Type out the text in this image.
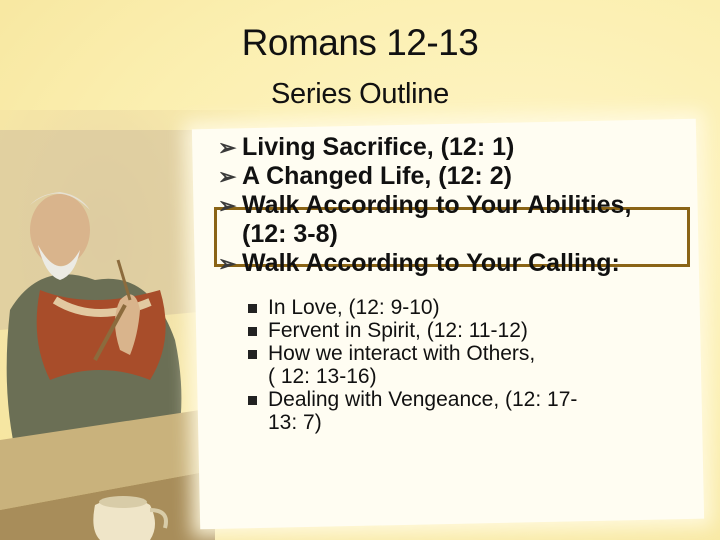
Romans 12-13
Series Outline
➢ Living Sacrifice, (12: 1)
➢ A Changed Life, (12: 2)
➢ Walk According to Your Abilities,
(12: 3-8)
➢ Walk According to Your Calling:
In Love, (12: 9-10)
Fervent in Spirit, (12: 11-12)
How we interact with Others,
( 12: 13-16)
Dealing with Vengeance, (12: 17-
13: 7)
